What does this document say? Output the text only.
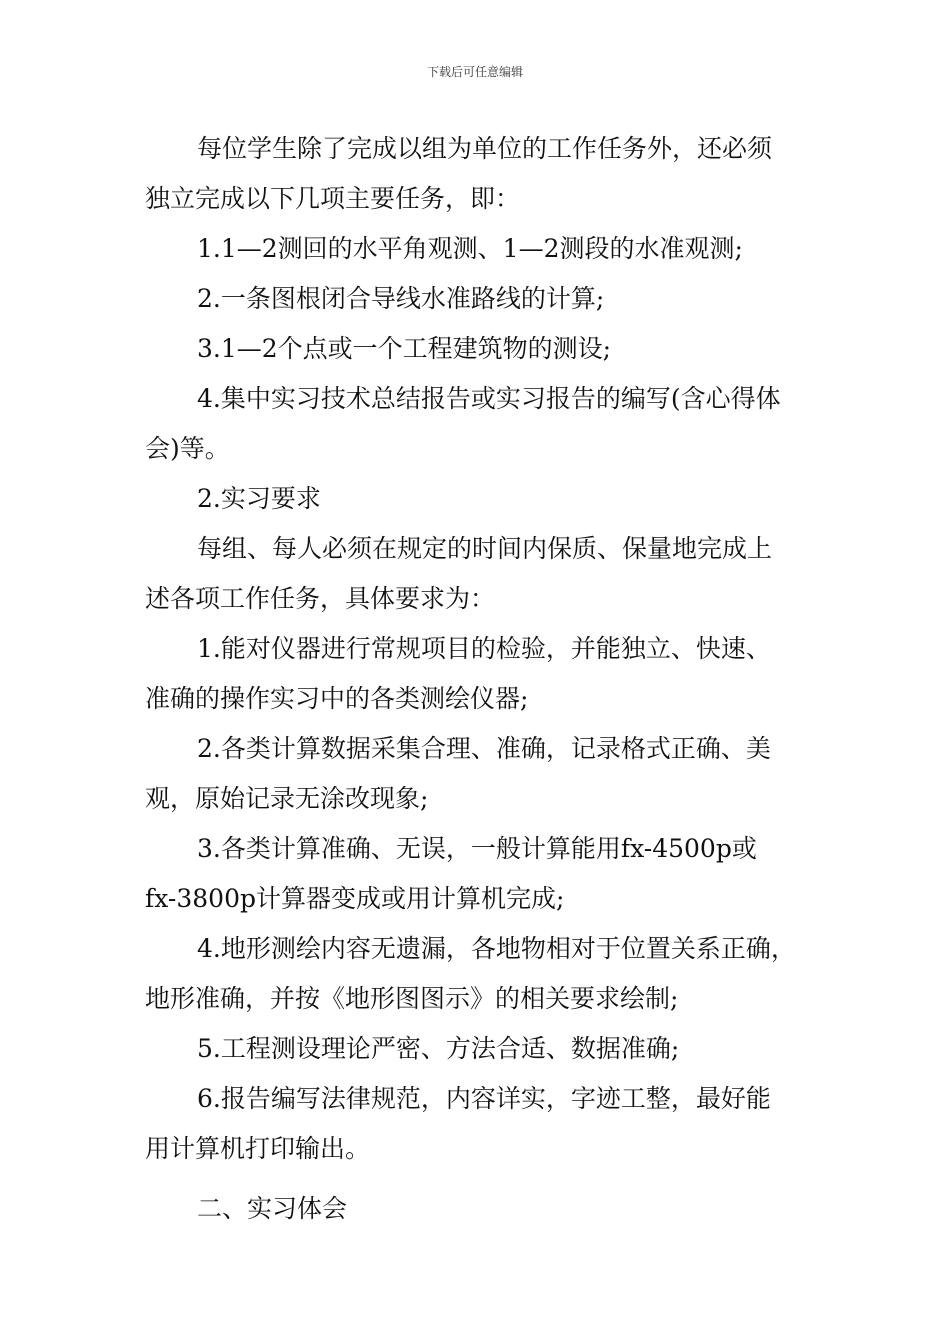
下载后可任意编辑
每位学生除了完成以组为单位的工作任务外，还必须
独立完成以下几项主要任务，即：
1.1—2测回的水平角观测、1—2测段的水准观测;
2.一条图根闭合导线水准路线的计算;
3.1—2个点或一个工程建筑物的测设;
4.集中实习技术总结报告或实习报告的编写(含心得体
会)等。
2.实习要求
每组、每人必须在规定的时间内保质、保量地完成上
述各项工作任务，具体要求为：
1.能对仪器进行常规项目的检验，并能独立、快速、
准确的操作实习中的各类测绘仪器;
2.各类计算数据采集合理、准确，记录格式正确、美
观，原始记录无涂改现象;
3.各类计算准确、无误，一般计算能用fx-4500p或
fx-3800p计算器变成或用计算机完成;
4.地形测绘内容无遗漏，各地物相对于位置关系正确，
地形准确，并按《地形图图示》的相关要求绘制;
5.工程测设理论严密、方法合适、数据准确;
6.报告编写法律规范，内容详实，字迹工整，最好能
用计算机打印输出。
二、实习体会
